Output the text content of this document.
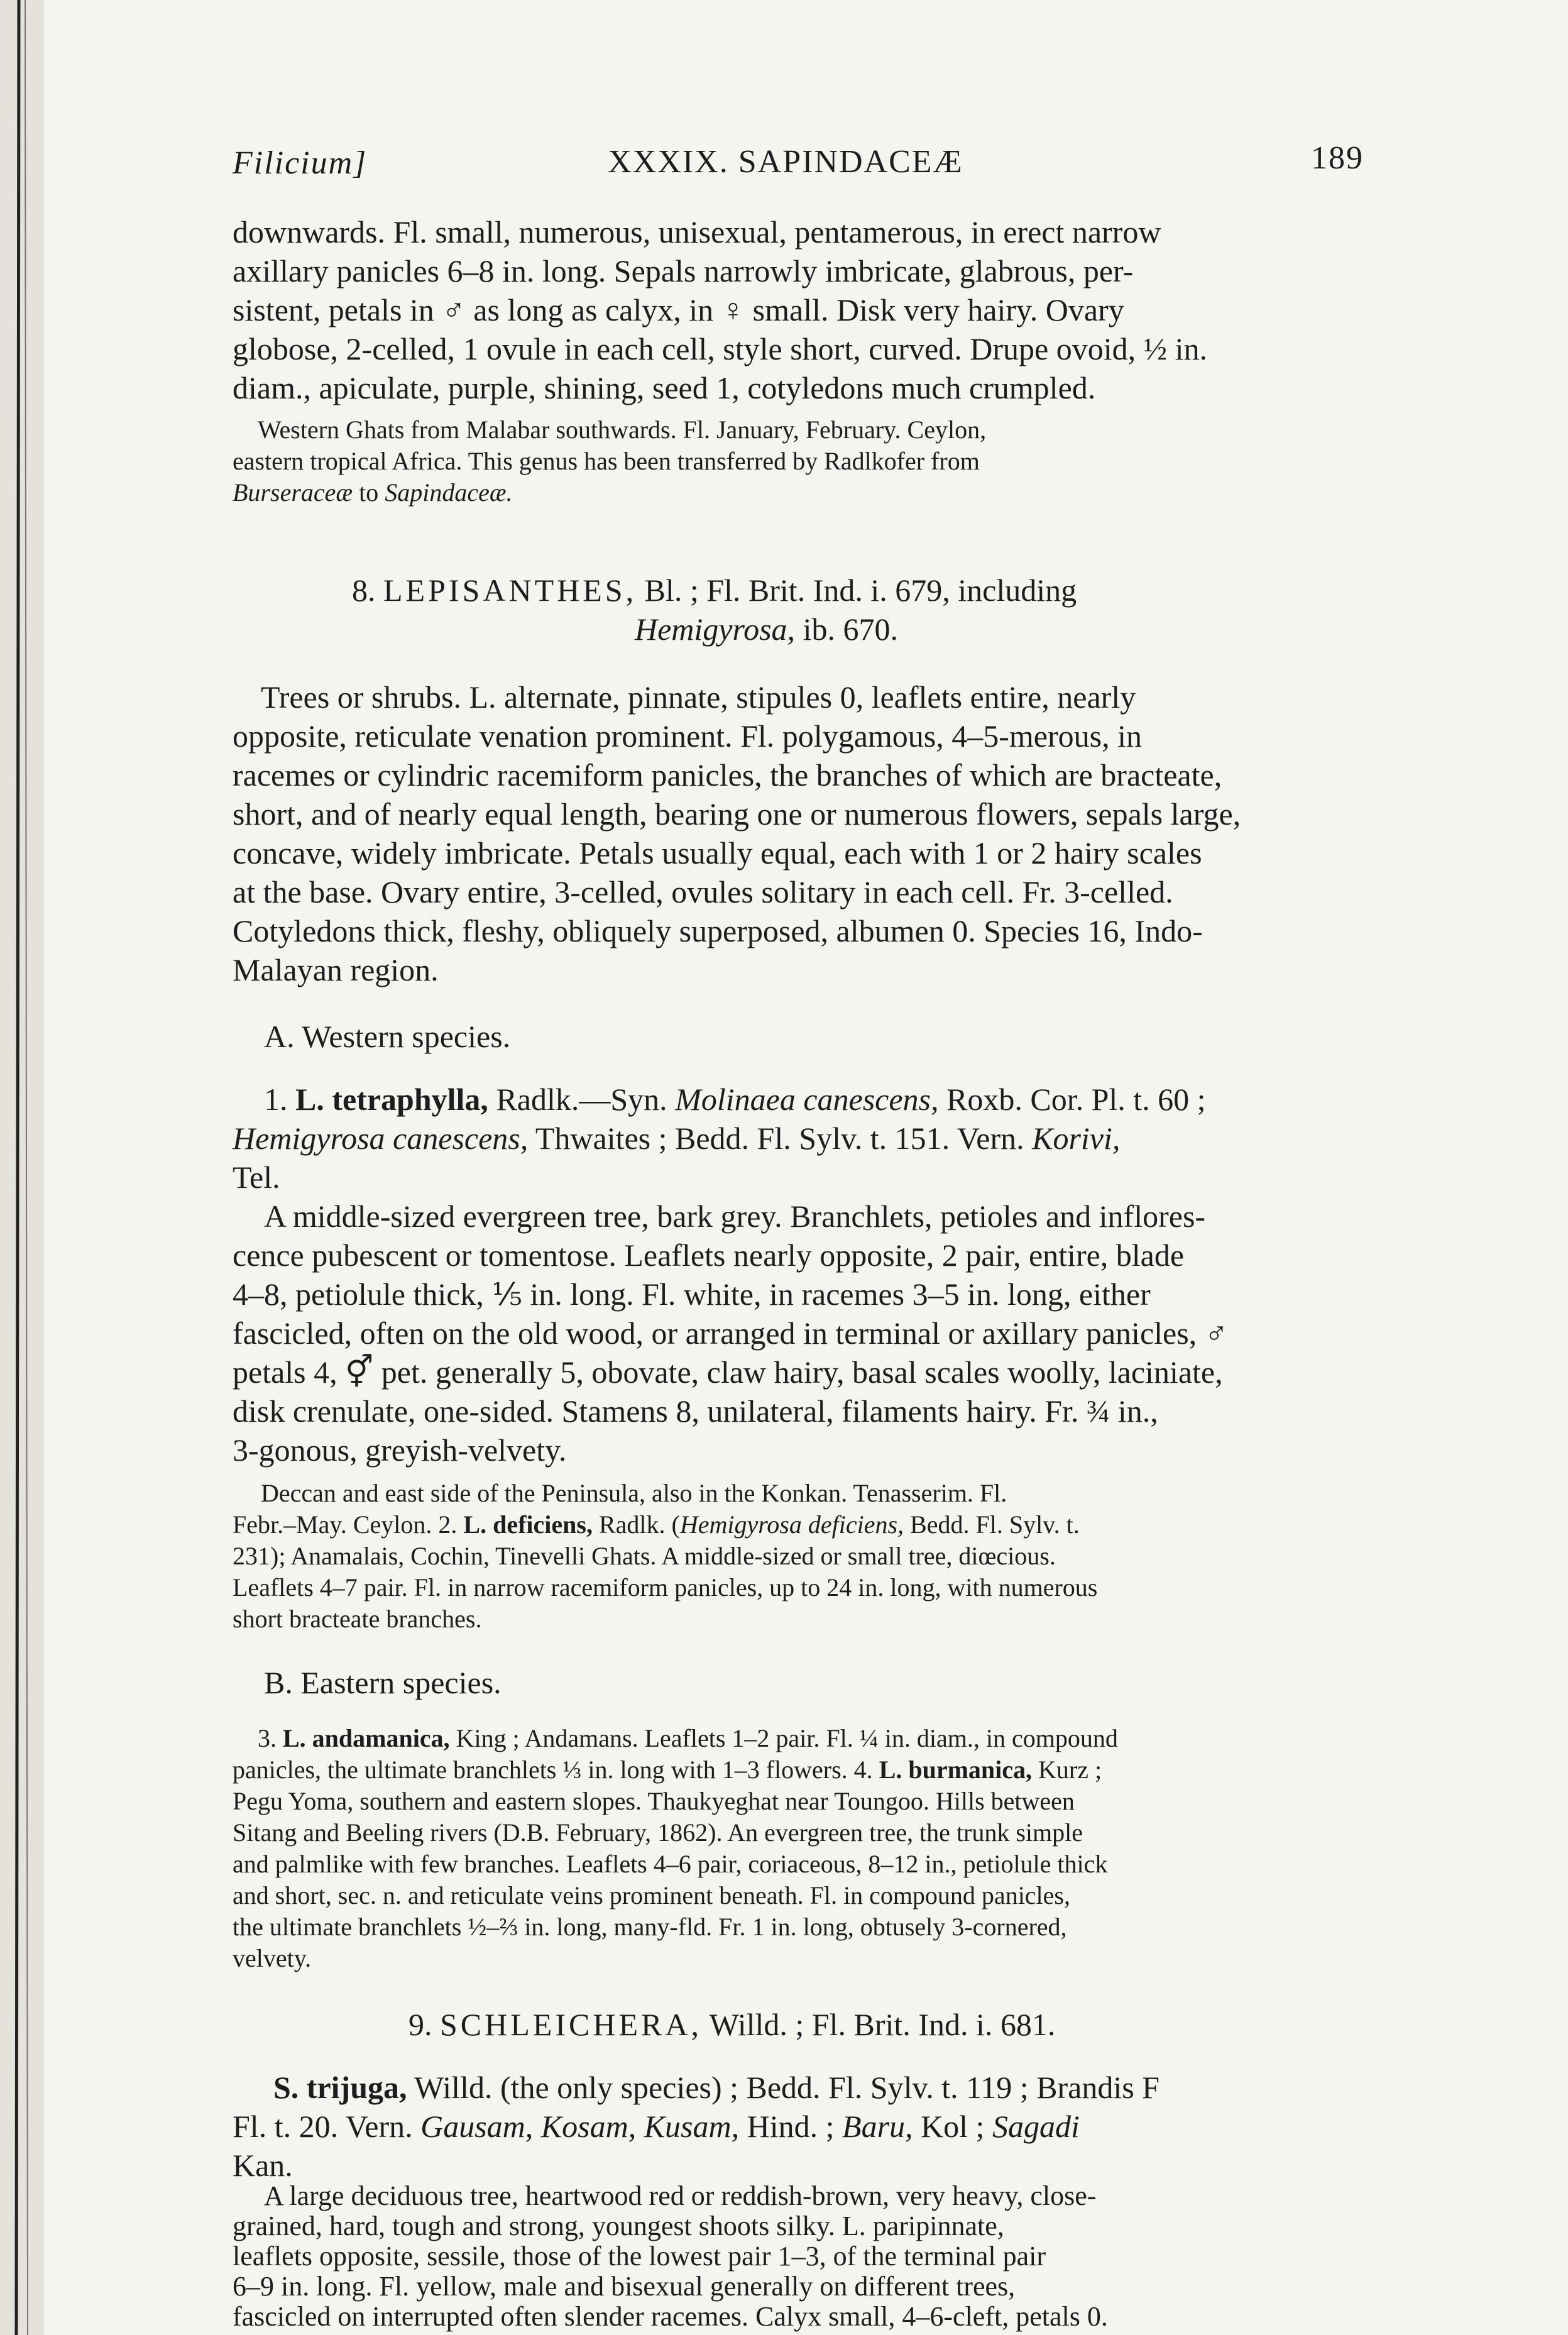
Filicium]	XXXIX. SAPINDACEÆ	189
downwards. Fl. small, numerous, unisexual, pentamerous, in erect narrow
axillary panicles 6–8 in. long. Sepals narrowly imbricate, glabrous, per-
sistent, petals in ♂ as long as calyx, in ♀ small. Disk very hairy. Ovary
globose, 2-celled, 1 ovule in each cell, style short, curved. Drupe ovoid, ½ in.
diam., apiculate, purple, shining, seed 1, cotyledons much crumpled.
Western Ghats from Malabar southwards. Fl. January, February. Ceylon,
eastern tropical Africa. This genus has been transferred by Radlkofer from
Burseraceæ to Sapindaceæ.
8. LEPISANTHES, Bl. ; Fl. Brit. Ind. i. 679, including
Hemigyrosa, ib. 670.
Trees or shrubs. L. alternate, pinnate, stipules 0, leaflets entire, nearly
opposite, reticulate venation prominent. Fl. polygamous, 4–5-merous, in
racemes or cylindric racemiform panicles, the branches of which are bracteate,
short, and of nearly equal length, bearing one or numerous flowers, sepals large,
concave, widely imbricate. Petals usually equal, each with 1 or 2 hairy scales
at the base. Ovary entire, 3-celled, ovules solitary in each cell. Fr. 3-celled.
Cotyledons thick, fleshy, obliquely superposed, albumen 0. Species 16, Indo-
Malayan region.
A. Western species.
1. L. tetraphylla, Radlk.—Syn. Molinaea canescens, Roxb. Cor. Pl. t. 60 ;
Hemigyrosa canescens, Thwaites ; Bedd. Fl. Sylv. t. 151. Vern. Korivi,
Tel.
A middle-sized evergreen tree, bark grey. Branchlets, petioles and inflores-
cence pubescent or tomentose. Leaflets nearly opposite, 2 pair, entire, blade
4–8, petiolule thick, ⅕ in. long. Fl. white, in racemes 3–5 in. long, either
fascicled, often on the old wood, or arranged in terminal or axillary panicles, ♂
petals 4, ⚥ pet. generally 5, obovate, claw hairy, basal scales woolly, laciniate,
disk crenulate, one-sided. Stamens 8, unilateral, filaments hairy. Fr. ¾ in.,
3-gonous, greyish-velvety.
Deccan and east side of the Peninsula, also in the Konkan. Tenasserim. Fl.
Febr.–May. Ceylon. 2. L. deficiens, Radlk. (Hemigyrosa deficiens, Bedd. Fl. Sylv. t.
231); Anamalais, Cochin, Tinevelli Ghats. A middle-sized or small tree, diœcious.
Leaflets 4–7 pair. Fl. in narrow racemiform panicles, up to 24 in. long, with numerous
short bracteate branches.
B. Eastern species.
3. L. andamanica, King ; Andamans. Leaflets 1–2 pair. Fl. ¼ in. diam., in compound
panicles, the ultimate branchlets ⅓ in. long with 1–3 flowers. 4. L. burmanica, Kurz ;
Pegu Yoma, southern and eastern slopes. Thaukyeghat near Toungoo. Hills between
Sitang and Beeling rivers (D.B. February, 1862). An evergreen tree, the trunk simple
and palmlike with few branches. Leaflets 4–6 pair, coriaceous, 8–12 in., petiolule thick
and short, sec. n. and reticulate veins prominent beneath. Fl. in compound panicles,
the ultimate branchlets ½–⅔ in. long, many-fld. Fr. 1 in. long, obtusely 3-cornered,
velvety.
9. SCHLEICHERA, Willd. ; Fl. Brit. Ind. i. 681.
S. trijuga, Willd. (the only species) ; Bedd. Fl. Sylv. t. 119 ; Brandis F
Fl. t. 20. Vern. Gausam, Kosam, Kusam, Hind. ; Baru, Kol ; Sagadi
Kan.
A large deciduous tree, heartwood red or reddish-brown, very heavy, close-
grained, hard, tough and strong, youngest shoots silky. L. paripinnate,
leaflets opposite, sessile, those of the lowest pair 1–3, of the terminal pair
6–9 in. long. Fl. yellow, male and bisexual generally on different trees,
fascicled on interrupted often slender racemes. Calyx small, 4–6-cleft, petals 0.
